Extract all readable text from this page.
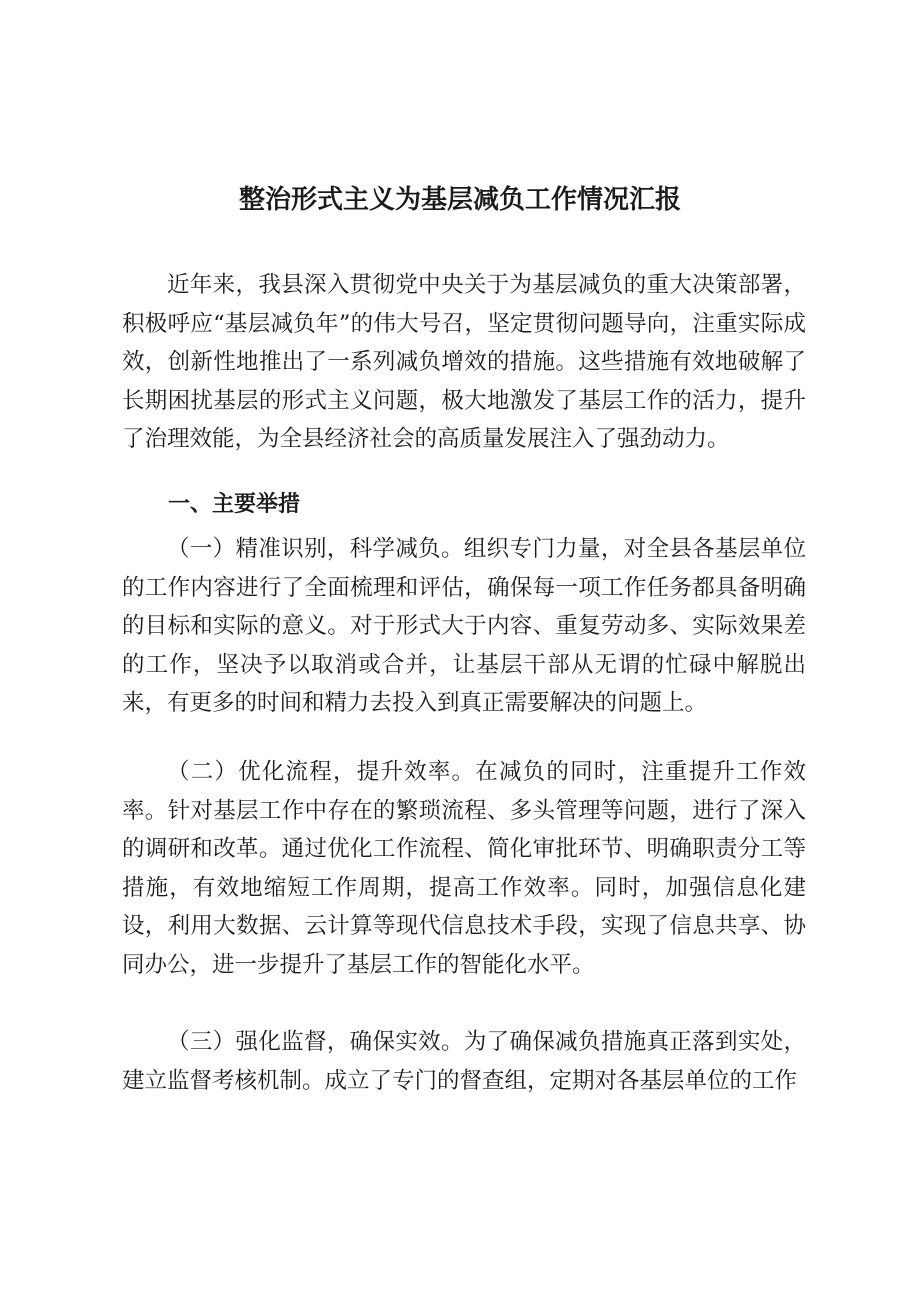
整治形式主义为基层减负工作情况汇报

近年来，我县深入贯彻党中央关于为基层减负的重大决策部署，积极呼应“基层减负年”的伟大号召，坚定贯彻问题导向，注重实际成效，创新性地推出了一系列减负增效的措施。这些措施有效地破解了长期困扰基层的形式主义问题，极大地激发了基层工作的活力，提升了治理效能，为全县经济社会的高质量发展注入了强劲动力。

一、主要举措

（一）精准识别，科学减负。组织专门力量，对全县各基层单位的工作内容进行了全面梳理和评估，确保每一项工作任务都具备明确的目标和实际的意义。对于形式大于内容、重复劳动多、实际效果差的工作，坚决予以取消或合并，让基层干部从无谓的忙碌中解脱出来，有更多的时间和精力去投入到真正需要解决的问题上。

（二）优化流程，提升效率。在减负的同时，注重提升工作效率。针对基层工作中存在的繁琐流程、多头管理等问题，进行了深入的调研和改革。通过优化工作流程、简化审批环节、明确职责分工等措施，有效地缩短工作周期，提高工作效率。同时，加强信息化建设，利用大数据、云计算等现代信息技术手段，实现了信息共享、协同办公，进一步提升了基层工作的智能化水平。

（三）强化监督，确保实效。为了确保减负措施真正落到实处，建立监督考核机制。成立了专门的督查组，定期对各基层单位的工作
